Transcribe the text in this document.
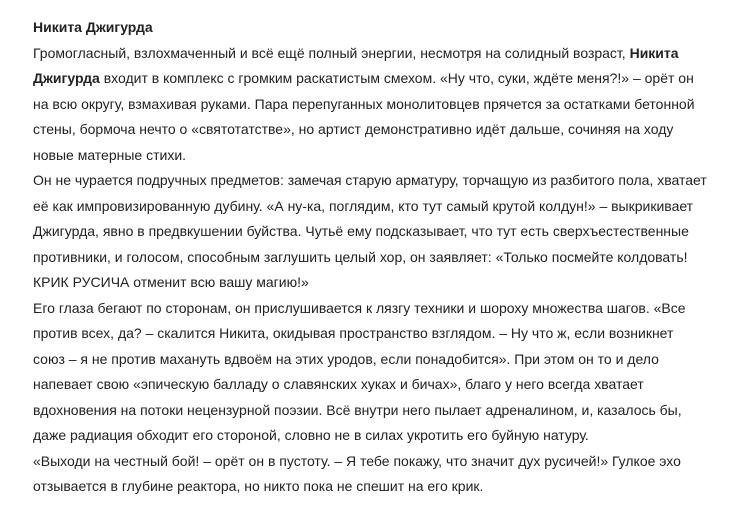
Никита Джигурда

Громогласный, взлохмаченный и всё ещё полный энергии, несмотря на солидный возраст, Никита Джигурда входит в комплекс с громким раскатистым смехом. «Ну что, суки, ждёте меня?!» – орёт он на всю округу, взмахивая руками. Пара перепуганных монолитовцев прячется за остатками бетонной стены, бормоча нечто о «святотатстве», но артист демонстративно идёт дальше, сочиняя на ходу новые матерные стихи.

Он не чурается подручных предметов: замечая старую арматуру, торчащую из разбитого пола, хватает её как импровизированную дубину. «А ну-ка, поглядим, кто тут самый крутой колдун!» – выкрикивает Джигурда, явно в предвкушении буйства. Чутьё ему подсказывает, что тут есть сверхъестественные противники, и голосом, способным заглушить целый хор, он заявляет: «Только посмейте колдовать! КРИК РУСИЧА отменит всю вашу магию!»

Его глаза бегают по сторонам, он прислушивается к лязгу техники и шороху множества шагов. «Все против всех, да? – скалится Никита, окидывая пространство взглядом. – Ну что ж, если возникнет союз – я не против махануть вдвоём на этих уродов, если понадобится». При этом он то и дело напевает свою «эпическую балладу о славянских хуках и бичах», благо у него всегда хватает вдохновения на потоки нецензурной поэзии. Всё внутри него пылает адреналином, и, казалось бы, даже радиация обходит его стороной, словно не в силах укротить его буйную натуру.

«Выходи на честный бой! – орёт он в пустоту. – Я тебе покажу, что значит дух русичей!» Гулкое эхо отзывается в глубине реактора, но никто пока не спешит на его крик.
